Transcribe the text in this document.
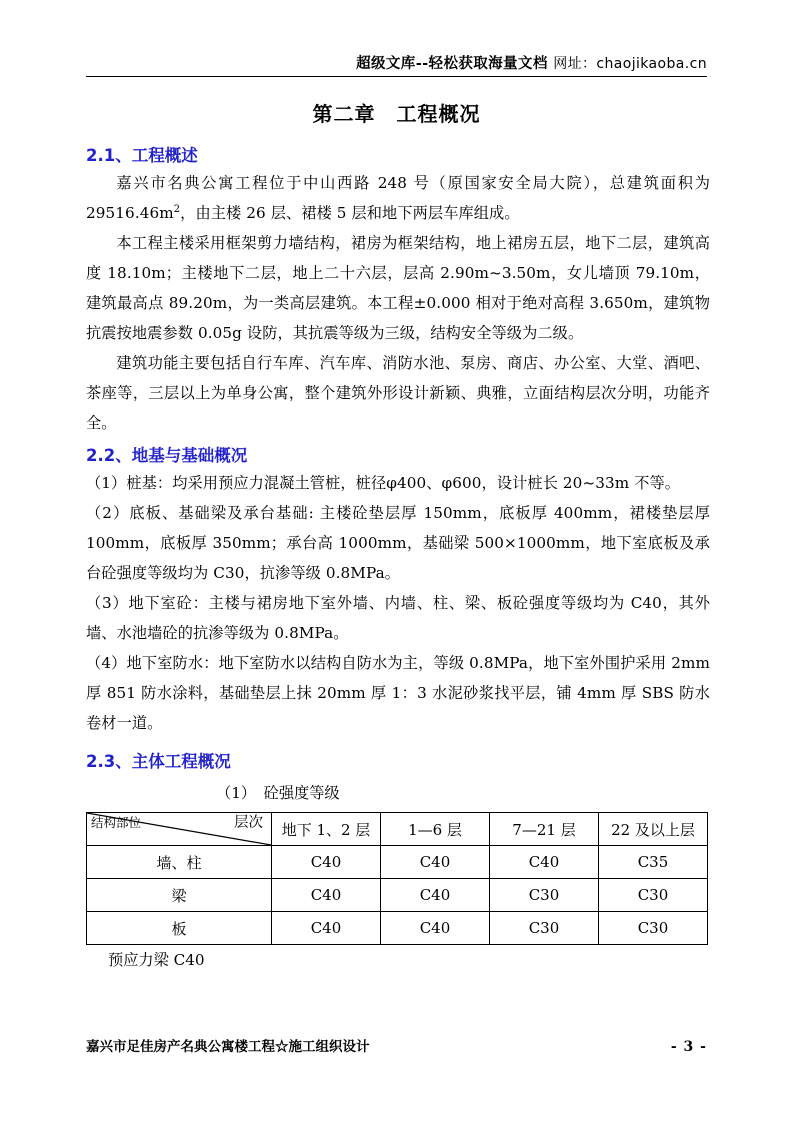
超级文库--轻松获取海量文档 网址：chaojikaoba.cn
第二章　工程概况
2.1、工程概述

嘉兴市名典公寓工程位于中山西路 248 号（原国家安全局大院），总建筑面积为 $29516.46m^2$，由主楼 26 层、裙楼 5 层和地下两层车库组成。

本工程主楼采用框架剪力墙结构，裙房为框架结构，地上裙房五层，地下二层，建筑高度 18.10m；主楼地下二层，地上二十六层，层高 2.90m~3.50m，女儿墙顶 79.10m，建筑最高点 89.20m，为一类高层建筑。本工程±0.000 相对于绝对高程 3.650m，建筑物抗震按地震参数 0.05g 设防，其抗震等级为三级，结构安全等级为二级。

建筑功能主要包括自行车库、汽车库、消防水池、泵房、商店、办公室、大堂、酒吧、茶座等，三层以上为单身公寓，整个建筑外形设计新颖、典雅，立面结构层次分明，功能齐全。

2.2、地基与基础概况

（1）桩基：均采用预应力混凝土管桩，桩径φ400、φ600，设计桩长 20~33m 不等。

（2）底板、基础梁及承台基础: 主楼砼垫层厚 150mm，底板厚 400mm，裙楼垫层厚 100mm，底板厚 350mm；承台高 1000mm，基础梁 500×1000mm，地下室底板及承台砼强度等级均为 C30，抗渗等级 0.8MPa。

（3）地下室砼：主楼与裙房地下室外墙、内墙、柱、梁、板砼强度等级均为 C40，其外墙、水池墙砼的抗渗等级为 0.8MPa。

（4）地下室防水：地下室防水以结构自防水为主，等级 0.8MPa，地下室外围护采用 2mm 厚 851 防水涂料，基础垫层上抹 20mm 厚 1：3 水泥砂浆找平层，铺 4mm 厚 SBS 防水卷材一道。

2.3、主体工程概况

（1）　砼强度等级

结构部位 层次	地下 1、2 层	1—6 层	7—21 层	22 及以上层
墙、柱	C40	C40	C40	C35
梁	C40	C40	C30	C30
板	C40	C40	C30	C30

预应力梁 C40

嘉兴市足佳房产名典公寓楼工程☆施工组织设计	- 3 -
